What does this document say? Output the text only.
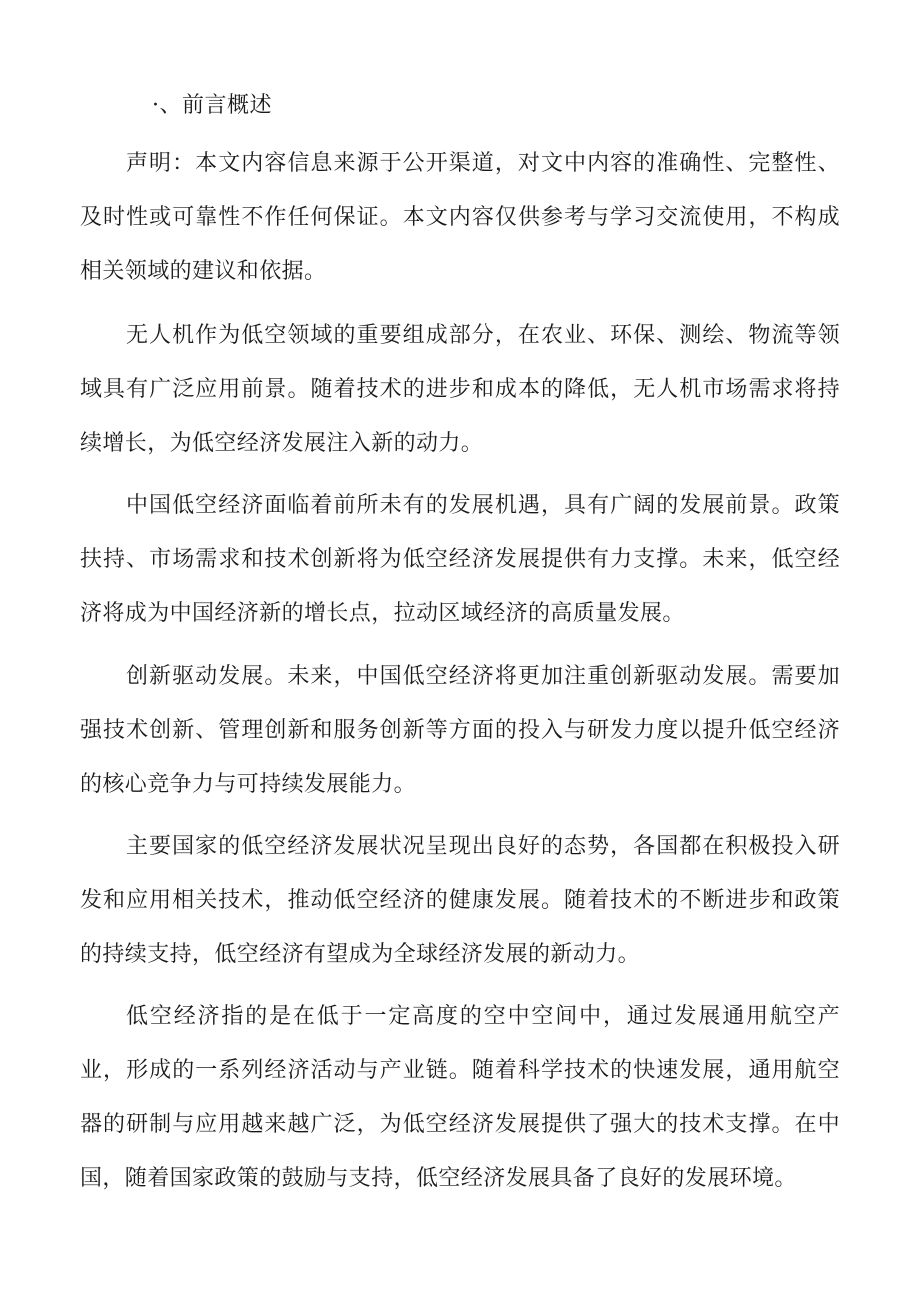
·、前言概述

声明：本文内容信息来源于公开渠道，对文中内容的准确性、完整性、及时性或可靠性不作任何保证。本文内容仅供参考与学习交流使用，不构成相关领域的建议和依据。

无人机作为低空领域的重要组成部分，在农业、环保、测绘、物流等领域具有广泛应用前景。随着技术的进步和成本的降低，无人机市场需求将持续增长，为低空经济发展注入新的动力。

中国低空经济面临着前所未有的发展机遇，具有广阔的发展前景。政策扶持、市场需求和技术创新将为低空经济发展提供有力支撑。未来，低空经济将成为中国经济新的增长点，拉动区域经济的高质量发展。

创新驱动发展。未来，中国低空经济将更加注重创新驱动发展。需要加强技术创新、管理创新和服务创新等方面的投入与研发力度以提升低空经济的核心竞争力与可持续发展能力。

主要国家的低空经济发展状况呈现出良好的态势，各国都在积极投入研发和应用相关技术，推动低空经济的健康发展。随着技术的不断进步和政策的持续支持，低空经济有望成为全球经济发展的新动力。

低空经济指的是在低于一定高度的空中空间中，通过发展通用航空产业，形成的一系列经济活动与产业链。随着科学技术的快速发展，通用航空器的研制与应用越来越广泛，为低空经济发展提供了强大的技术支撑。在中国，随着国家政策的鼓励与支持，低空经济发展具备了良好的发展环境。
